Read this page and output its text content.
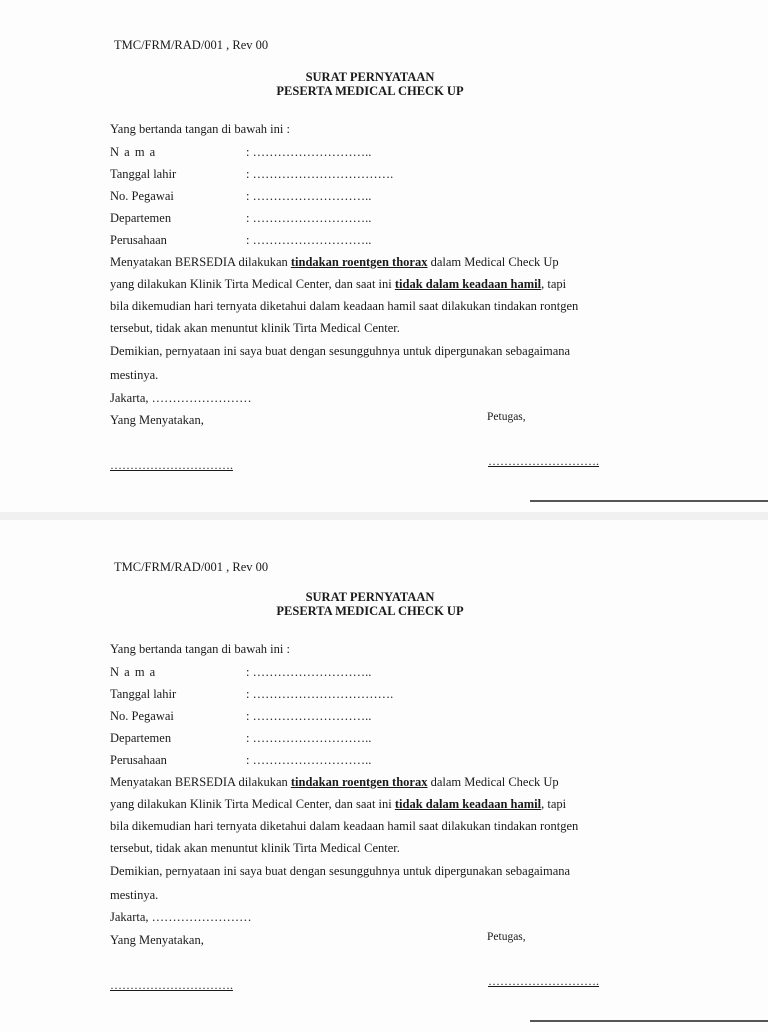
TMC/FRM/RAD/001 , Rev 00
SURAT PERNYATAAN
PESERTA MEDICAL CHECK UP
Yang bertanda tangan di bawah ini :
N a m a	: ………………………..
Tanggal lahir	: …………………………….
No. Pegawai	: ………………………..
Departemen	: ………………………..
Perusahaan	: ………………………..
Menyatakan BERSEDIA dilakukan tindakan roentgen thorax dalam Medical Check Up
yang dilakukan Klinik Tirta Medical Center, dan saat ini tidak dalam keadaan hamil, tapi
bila dikemudian hari ternyata diketahui dalam keadaan hamil saat dilakukan tindakan rontgen
tersebut, tidak akan menuntut klinik Tirta Medical Center.
Demikian, pernyataan ini saya buat dengan sesungguhnya untuk dipergunakan sebagaimana
mestinya.
Jakarta, ……………………
Yang Menyatakan,	Petugas,
………………………….	……………………….
TMC/FRM/RAD/001 , Rev 00
SURAT PERNYATAAN
PESERTA MEDICAL CHECK UP
Yang bertanda tangan di bawah ini :
N a m a	: ………………………..
Tanggal lahir	: …………………………….
No. Pegawai	: ………………………..
Departemen	: ………………………..
Perusahaan	: ………………………..
Menyatakan BERSEDIA dilakukan tindakan roentgen thorax dalam Medical Check Up
yang dilakukan Klinik Tirta Medical Center, dan saat ini tidak dalam keadaan hamil, tapi
bila dikemudian hari ternyata diketahui dalam keadaan hamil saat dilakukan tindakan rontgen
tersebut, tidak akan menuntut klinik Tirta Medical Center.
Demikian, pernyataan ini saya buat dengan sesungguhnya untuk dipergunakan sebagaimana
mestinya.
Jakarta, ……………………
Yang Menyatakan,	Petugas,
………………………….	……………………….
